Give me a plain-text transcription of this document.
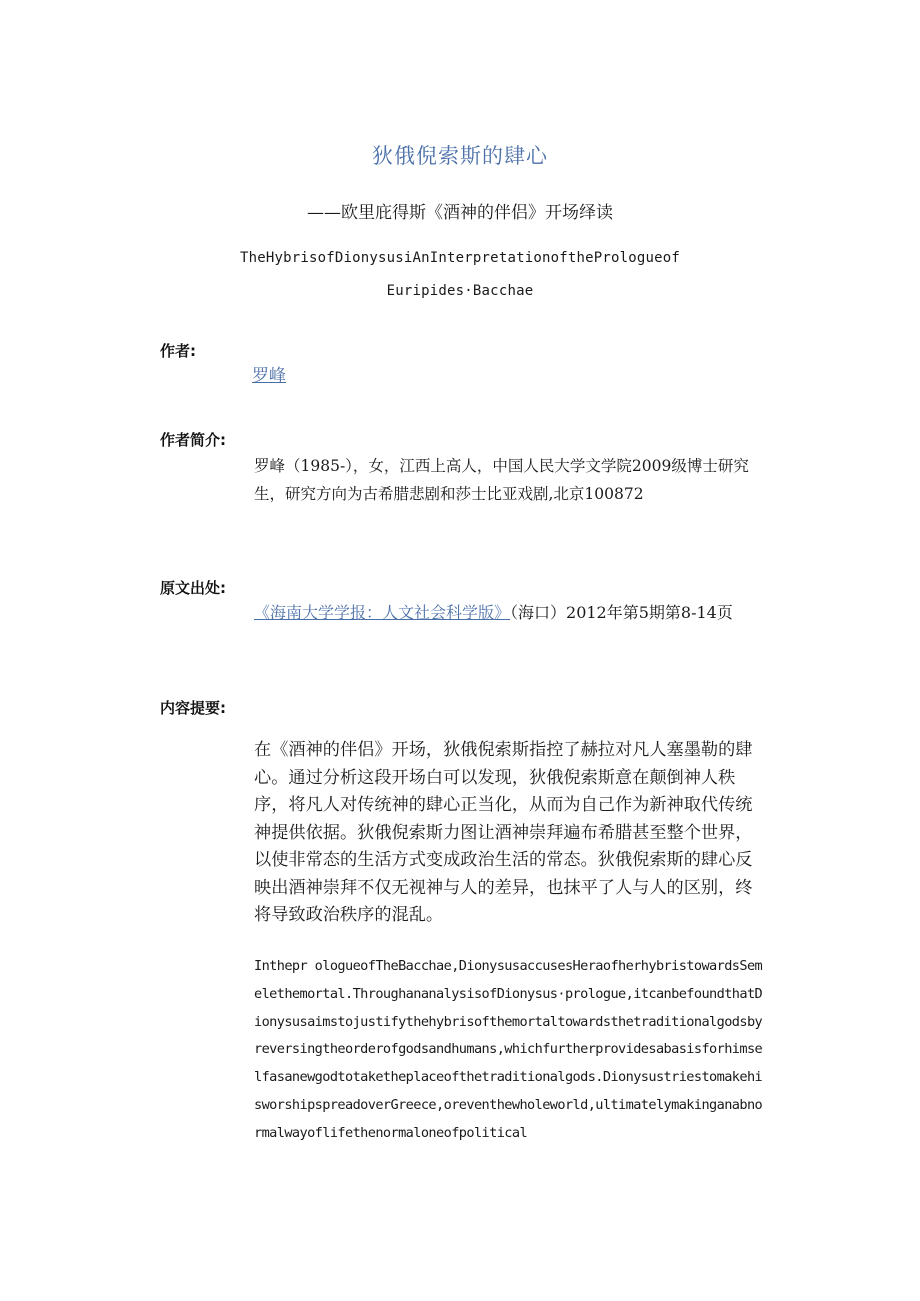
狄俄倪索斯的肆心
——欧里庇得斯《酒神的伴侣》开场绎读
TheHybrisofDionysusiAnInterpretationofthePrologueof
Euripides·Bacchae
作者:
罗峰
作者简介:
罗峰（1985-），女，江西上高人，中国人民大学文学院2009级博士研究生，研究方向为古希腊悲剧和莎士比亚戏剧,北京100872
原文出处:
《海南大学学报：人文社会科学版》（海口）2012年第5期第8-14页
内容提要:
在《酒神的伴侣》开场，狄俄倪索斯指控了赫拉对凡人塞墨勒的肆心。通过分析这段开场白可以发现，狄俄倪索斯意在颠倒神人秩序，将凡人对传统神的肆心正当化，从而为自己作为新神取代传统神提供依据。狄俄倪索斯力图让酒神崇拜遍布希腊甚至整个世界，以使非常态的生活方式变成政治生活的常态。狄俄倪索斯的肆心反映出酒神崇拜不仅无视神与人的差异，也抹平了人与人的区别，终将导致政治秩序的混乱。
Inthepr ologueofTheBacchae,DionysusaccusesHeraofherhybristowardsSemelethemortal.ThroughananalysisofDionysus·prologue,itcanbefoundthatDionysusaimstojustifythehybrisofthemortaltowardsthetraditionalgodsbyreversingtheorderofgodsandhumans,whichfurtherprovidesabasisforhimselfasanewgodtotaketheplaceofthetraditionalgods.DionysustriestomakehisworshipspreadoverGreece,oreventhewholeworld,ultimatelymakinganabnormalwayoflifethenormaloneofpolitical
